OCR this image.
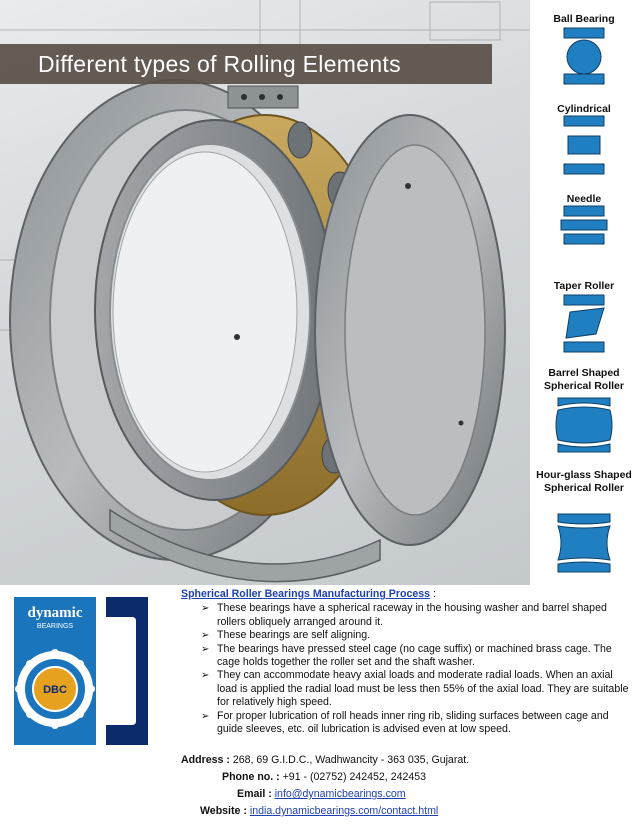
Different types of Rolling Elements
Ball Bearing
Cylindrical
Needle
Taper Roller
Barrel Shaped Spherical Roller
Hour-glass Shaped Spherical Roller
dynamic
BEARINGS
DBC
Spherical Roller Bearings Manufacturing Process :
➢ These bearings have a spherical raceway in the housing washer and barrel shaped rollers obliquely arranged around it.
➢ These bearings are self aligning.
➢ The bearings have pressed steel cage (no cage suffix) or machined brass cage. The cage holds together the roller set and the shaft washer.
➢ They can accommodate heavy axial loads and moderate radial loads. When an axial load is applied the radial load must be less then 55% of the axial load. They are suitable for relatively high speed.
➢ For proper lubrication of roll heads inner ring rib, sliding surfaces between cage and guide sleeves, etc. oil lubrication is advised even at low speed.
Address : 268, 69 G.I.D.C., Wadhwancity - 363 035, Gujarat.
Phone no. : +91 - (02752) 242452, 242453
Email : info@dynamicbearings.com
Website : india.dynamicbearings.com/contact.html
